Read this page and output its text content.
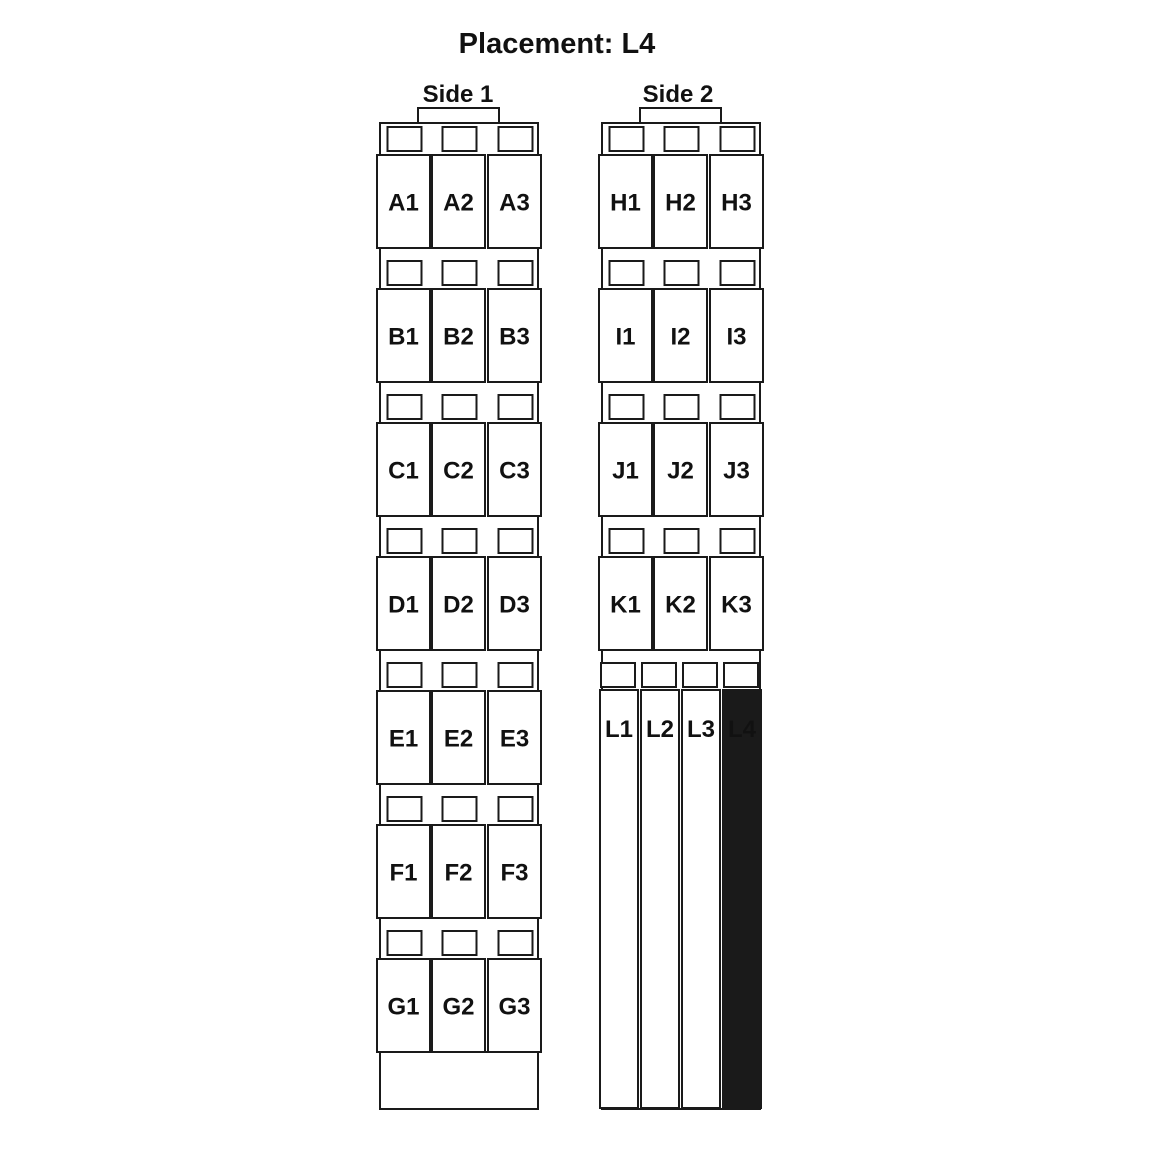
Placement: L4
Side 1	Side 2
A1 A2 A3
B1 B2 B3
C1 C2 C3
D1 D2 D3
E1 E2 E3
F1 F2 F3
G1 G2 G3
H1 H2 H3
I1 I2 I3
J1 J2 J3
K1 K2 K3
L1 L2 L3 L4
